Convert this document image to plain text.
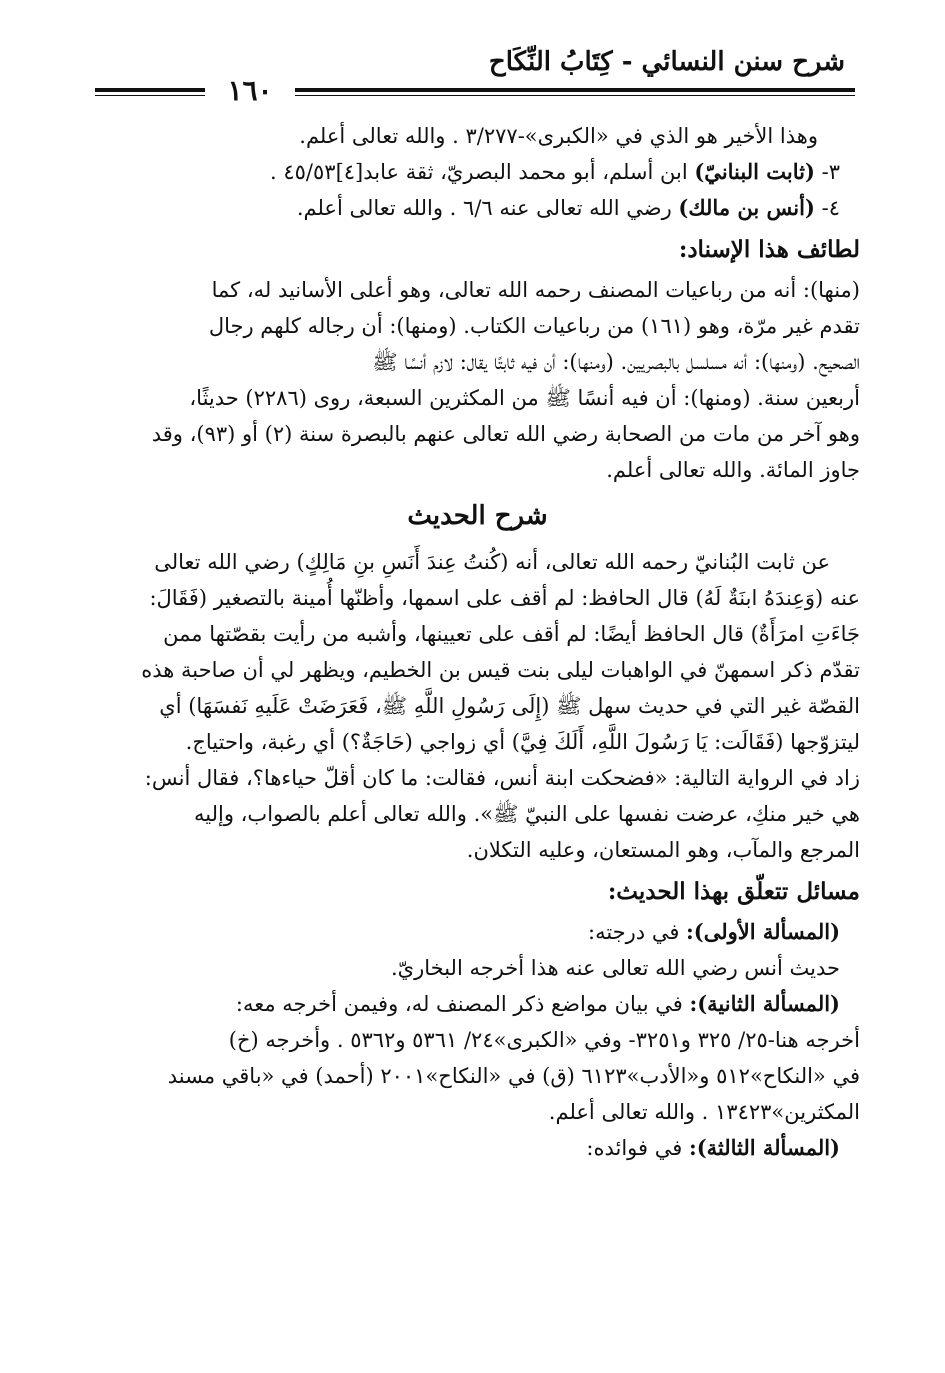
شرح سنن النسائي - كِتَابُ النِّكَاح
١٦٠

وهذا الأخير هو الذي في «الكبرى»-٣/٢٧٧ . والله تعالى أعلم.

٣- (ثابت البنانيّ) ابن أسلم، أبو محمد البصريّ، ثقة عابد[٤]٤٥/٥٣ .

٤- (أنس بن مالك) رضي الله تعالى عنه ٦/٦ . والله تعالى أعلم.

لطائف هذا الإسناد:

(منها): أنه من رباعيات المصنف رحمه الله تعالى، وهو أعلى الأسانيد له، كما

تقدم غير مرّة، وهو (١٦١) من رباعيات الكتاب. (ومنها): أن رجاله كلهم رجال

الصحيح. (ومنها): أنه مسلسل بالبصريين. (ومنها): أن فيه ثابتًا يقال: لازم أنسًا ﷺ

أربعين سنة. (ومنها): أن فيه أنسًا ﷺ من المكثرين السبعة، روى (٢٢٨٦) حديثًا،

وهو آخر من مات من الصحابة رضي الله تعالى عنهم بالبصرة سنة (٢) أو (٩٣)، وقد

جاوز المائة. والله تعالى أعلم.

شرح الحديث

عن ثابت البُنانيّ رحمه الله تعالى، أنه (كُنتُ عِندَ أَنَسِ بنِ مَالِكٍ) رضي الله تعالى

عنه (وَعِندَهُ ابنَةٌ لَهُ) قال الحافظ: لم أقف على اسمها، وأظنّها أُمينة بالتصغير (فَقَالَ:

جَاءَتِ امرَأَةٌ) قال الحافظ أيضًا: لم أقف على تعيينها، وأشبه من رأيت بقصّتها ممن

تقدّم ذكر اسمهنّ في الواهبات ليلى بنت قيس بن الخطيم، ويظهر لي أن صاحبة هذه

القصّة غير التي في حديث سهل ﷺ (إِلَى رَسُولِ اللَّهِ ﷺ، فَعَرَضَتْ عَلَيهِ نَفسَهَا) أي

ليتزوّجها (فَقَالَت: يَا رَسُولَ اللَّهِ، أَلَكَ فِيَّ) أي زواجي (حَاجَةٌ؟) أي رغبة، واحتياج.

زاد في الرواية التالية: «فضحكت ابنة أنس، فقالت: ما كان أقلّ حياءها؟، فقال أنس:

هي خير منكِ، عرضت نفسها على النبيّ ﷺ». والله تعالى أعلم بالصواب، وإليه

المرجع والمآب، وهو المستعان، وعليه التكلان.

مسائل تتعلّق بهذا الحديث:

(المسألة الأولى): في درجته:

حديث أنس رضي الله تعالى عنه هذا أخرجه البخاريّ.

(المسألة الثانية): في بيان مواضع ذكر المصنف له، وفيمن أخرجه معه:

أخرجه هنا-٢٥/ ٣٢٥ و٣٢٥١- وفي «الكبرى»٢٤/ ٥٣٦١ و٥٣٦٢ . وأخرجه (خ)

في «النكاح»٥١٢ و«الأدب»٦١٢٣ (ق) في «النكاح»٢٠٠١ (أحمد) في «باقي مسند

المكثرين»١٣٤٢٣ . والله تعالى أعلم.

(المسألة الثالثة): في فوائده:
